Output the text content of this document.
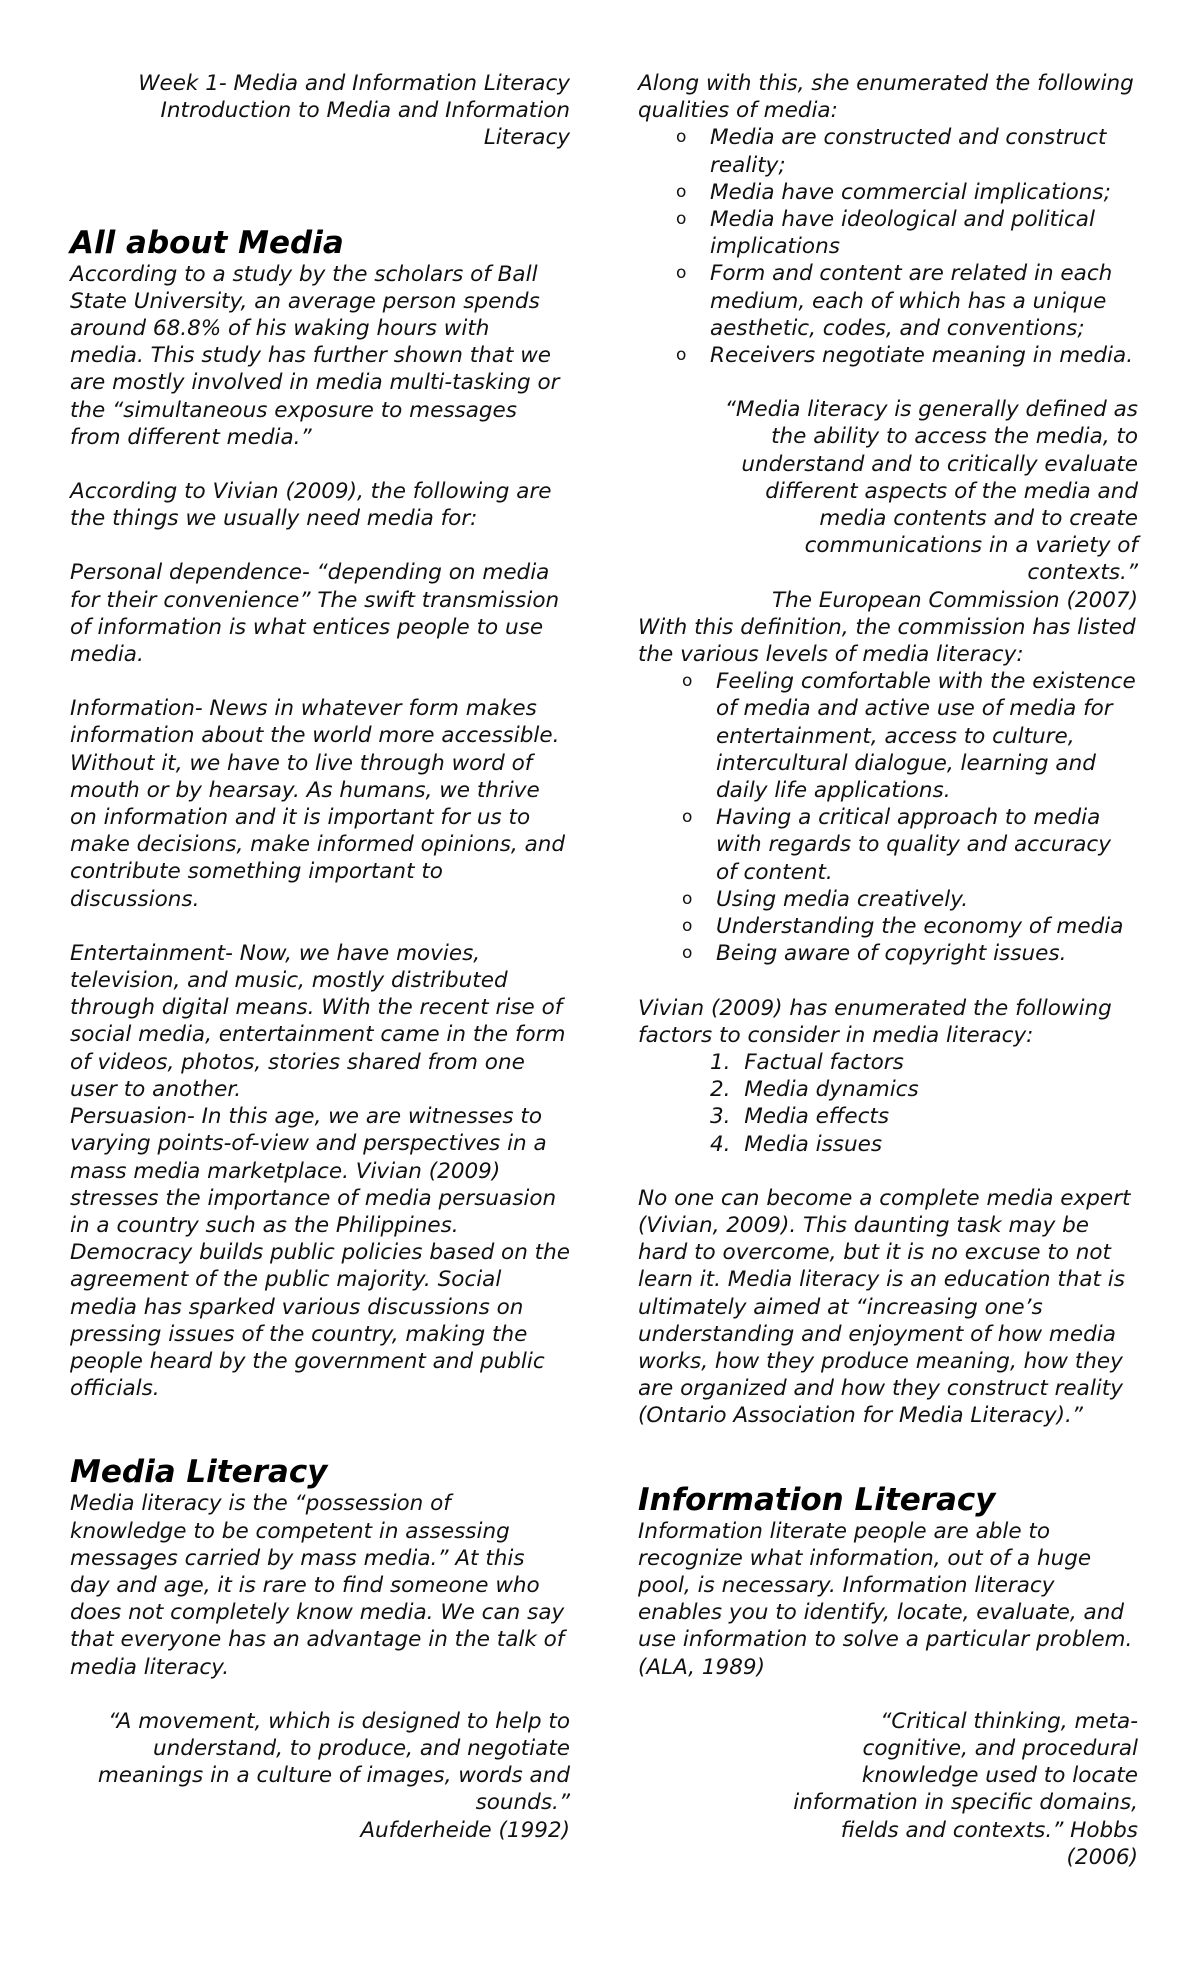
Week 1- Media and Information Literacy
Introduction to Media and Information
Literacy
All about Media

According to a study by the scholars of Ball State University, an average person spends around 68.8% of his waking hours with media. This study has further shown that we are mostly involved in media multi-tasking or the “simultaneous exposure to messages from different media.”

According to Vivian (2009), the following are the things we usually need media for:

Personal dependence- “depending on media for their convenience” The swift transmission of information is what entices people to use media.

Information- News in whatever form makes information about the world more accessible. Without it, we have to live through word of mouth or by hearsay. As humans, we thrive on information and it is important for us to make decisions, make informed opinions, and contribute something important to discussions.

Entertainment- Now, we have movies, television, and music, mostly distributed through digital means. With the recent rise of social media, entertainment came in the form of videos, photos, stories shared from one user to another.

Persuasion- In this age, we are witnesses to varying points-of-view and perspectives in a mass media marketplace. Vivian (2009) stresses the importance of media persuasion in a country such as the Philippines. Democracy builds public policies based on the agreement of the public majority. Social media has sparked various discussions on pressing issues of the country, making the people heard by the government and public officials.

Media Literacy

Media literacy is the “possession of knowledge to be competent in assessing messages carried by mass media.” At this day and age, it is rare to find someone who does not completely know media. We can say that everyone has an advantage in the talk of media literacy.

“A movement, which is designed to help to understand, to produce, and negotiate meanings in a culture of images, words and sounds.”

Aufderheide (1992)

Along with this, she enumerated the following qualities of media:

o Media are constructed and construct reality;
o Media have commercial implications;
o Media have ideological and political implications
o Form and content are related in each medium, each of which has a unique aesthetic, codes, and conventions;
o Receivers negotiate meaning in media.

“Media literacy is generally defined as the ability to access the media, to understand and to critically evaluate different aspects of the media and media contents and to create communications in a variety of contexts.”

The European Commission (2007)

With this definition, the commission has listed the various levels of media literacy:

o Feeling comfortable with the existence of media and active use of media for entertainment, access to culture, intercultural dialogue, learning and daily life applications.
o Having a critical approach to media with regards to quality and accuracy of content.
o Using media creatively.
o Understanding the economy of media
o Being aware of copyright issues.

Vivian (2009) has enumerated the following factors to consider in media literacy:

1. Factual factors
2. Media dynamics
3. Media effects
4. Media issues

No one can become a complete media expert (Vivian, 2009). This daunting task may be hard to overcome, but it is no excuse to not learn it. Media literacy is an education that is ultimately aimed at “increasing one’s understanding and enjoyment of how media works, how they produce meaning, how they are organized and how they construct reality (Ontario Association for Media Literacy).”

Information Literacy

Information literate people are able to recognize what information, out of a huge pool, is necessary. Information literacy enables you to identify, locate, evaluate, and use information to solve a particular problem. (ALA, 1989)

“Critical thinking, meta-cognitive, and procedural knowledge used to locate information in specific domains, fields and contexts.” Hobbs (2006)
